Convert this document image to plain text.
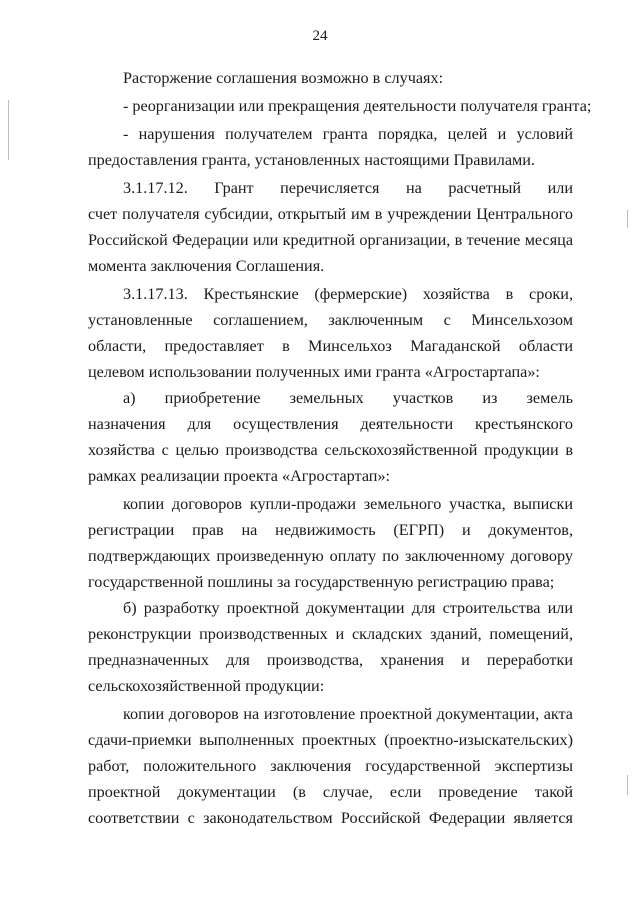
24
Расторжение соглашения возможно в случаях:
- реорганизации или прекращения деятельности получателя гранта;
- нарушения получателем гранта порядка, целей и условий
предоставления гранта, установленных настоящими Правилами.
3.1.17.12. Грант перечисляется на расчетный или
счет получателя субсидии, открытый им в учреждении Центрального
Российской Федерации или кредитной организации, в течение месяца
момента заключения Соглашения.
3.1.17.13. Крестьянские (фермерские) хозяйства в сроки,
установленные соглашением, заключенным с Минсельхозом
области, предоставляет в Минсельхоз Магаданской области
целевом использовании полученных ими гранта «Агростартапа»:
а) приобретение земельных участков из земель
назначения для осуществления деятельности крестьянского
хозяйства с целью производства сельскохозяйственной продукции в
рамках реализации проекта «Агростартап»:
копии договоров купли-продажи земельного участка, выписки
регистрации прав на недвижимость (ЕГРП) и документов,
подтверждающих произведенную оплату по заключенному договору
государственной пошлины за государственную регистрацию права;
б) разработку проектной документации для строительства или
реконструкции производственных и складских зданий, помещений,
предназначенных для производства, хранения и переработки
сельскохозяйственной продукции:
копии договоров на изготовление проектной документации, акта
сдачи-приемки выполненных проектных (проектно-изыскательских)
работ, положительного заключения государственной экспертизы
проектной документации (в случае, если проведение такой
соответствии с законодательством Российской Федерации является
